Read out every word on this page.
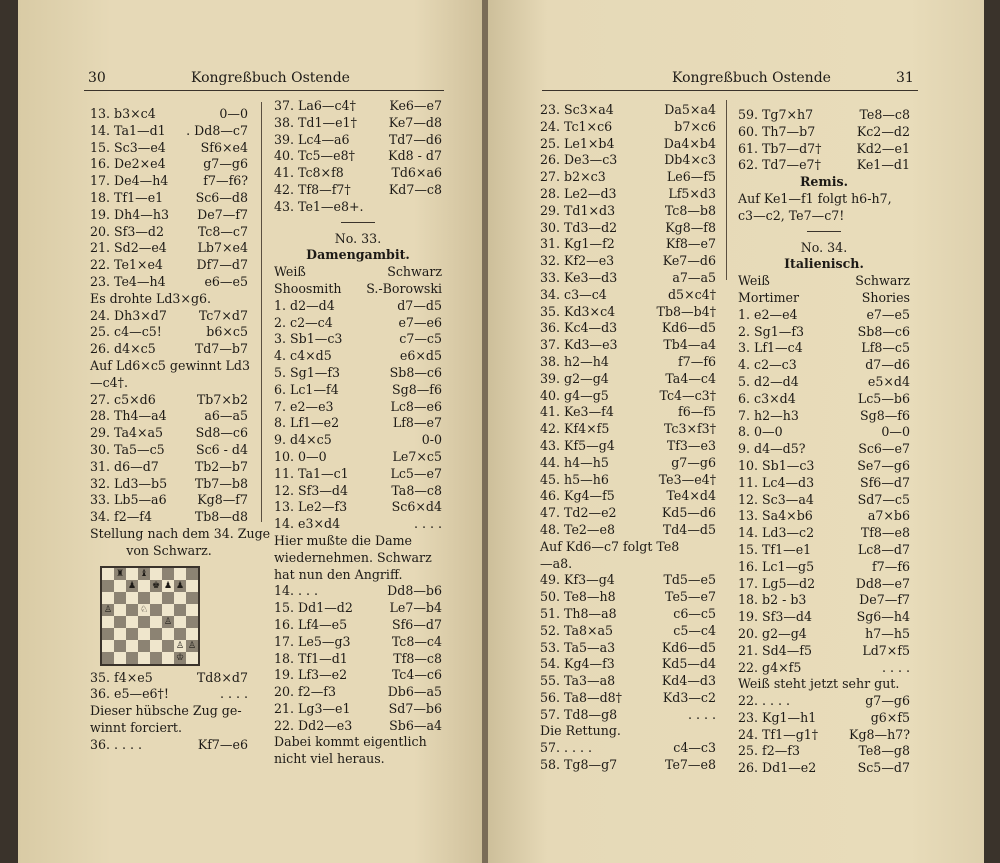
30	Kongreßbuch Ostende
13. b3×c4	0—0
14. Ta1—d1 . Dd8—c7
15. Sc3—e4	Sf6×e4
16. De2×e4	g7—g6
17. De4—h4	f7—f6?
18. Tf1—e1	Sc6—d8
19. Dh4—h3 De7—f7
20. Sf3—d2	Tc8—c7
21. Sd2—e4 Lb7×e4
22. Te1×e4	Df7—d7
23. Te4—h4	e6—e5
Es drohte Ld3×g6.
24. Dh3×d7	Tc7×d7
25. c4—c5!	b6×c5
26. d4×c5	Td7—b7
Auf Ld6×c5 gewinnt Ld3
—c4†.
27. c5×d6	Tb7×b2
28. Th4—a4	a6—a5
29. Ta4×a5	Sd8—c6
30. Ta5—c5 Sc6 - d4
31. d6—d7	Tb2—b7
32. Ld3—b5 Tb7—b8
33. Lb5—a6 Kg8—f7
34. f2—f4	Tb8—d8
Stellung nach dem 34. Zuge
von Schwarz.
♜ ♝
♟ ♚ ♟ ♟
♙	♘
♙
♙ ♙
♔
35. f4×e5	Td8×d7
36. e5—e6†!	. . . .
Dieser hübsche Zug ge-
winnt forciert.
36. . . . .	Kf7—e6
37. La6—c4†	Ke6—e7
38. Td1—e1†	Ke7—d8
39. Lc4—a6	Td7—d6
40. Tc5—e8†	Kd8 - d7
41. Tc8×f8	Td6×a6
42. Tf8—f7†	Kd7—c8
43. Te1—e8+.
No. 33.
Damengambit.
Weiß	Schwarz
Shoosmith S.-Borowski
1. d2—d4	d7—d5
2. c2—c4	e7—e6
3. Sb1—c3	c7—c5
4. c4×d5	e6×d5
5. Sg1—f3	Sb8—c6
6. Lc1—f4	Sg8—f6
7. e2—e3	Lc8—e6
8. Lf1—e2	Lf8—e7
9. d4×c5	0-0
10. 0—0	Le7×c5
11. Ta1—c1	Lc5—e7
12. Sf3—d4	Ta8—c8
13. Le2—f3	Sc6×d4
14. e3×d4	. . . .
Hier mußte die Dame
wiedernehmen. Schwarz
hat nun den Angriff.
14. . . .	Dd8—b6
15. Dd1—d2	Le7—b4
16. Lf4—e5	Sf6—d7
17. Le5—g3	Tc8—c4
18. Tf1—d1	Tf8—c8
19. Lf3—e2	Tc4—c6
20. f2—f3	Db6—a5
21. Lg3—e1	Sd7—b6
22. Dd2—e3	Sb6—a4
Dabei kommt eigentlich
nicht viel heraus.
Kongreßbuch Ostende	31
23. Sc3×a4	Da5×a4
24. Tc1×c6	b7×c6
25. Le1×b4	Da4×b4
26. De3—c3	Db4×c3
27. b2×c3	Le6—f5
28. Le2—d3	Lf5×d3
29. Td1×d3	Tc8—b8
30. Td3—d2	Kg8—f8
31. Kg1—f2	Kf8—e7
32. Kf2—e3	Ke7—d6
33. Ke3—d3	a7—a5
34. c3—c4	d5×c4†
35. Kd3×c4	Tb8—b4†
36. Kc4—d3	Kd6—d5
37. Kd3—e3	Tb4—a4
38. h2—h4	f7—f6
39. g2—g4	Ta4—c4
40. g4—g5	Tc4—c3†
41. Ke3—f4	f6—f5
42. Kf4×f5	Tc3×f3†
43. Kf5—g4	Tf3—e3
44. h4—h5	g7—g6
45. h5—h6	Te3—e4†
46. Kg4—f5	Te4×d4
47. Td2—e2	Kd5—d6
48. Te2—e8	Td4—d5
Auf Kd6—c7 folgt Te8
—a8.
49. Kf3—g4	Td5—e5
50. Te8—h8	Te5—e7
51. Th8—a8	c6—c5
52. Ta8×a5	c5—c4
53. Ta5—a3	Kd6—d5
54. Kg4—f3	Kd5—d4
55. Ta3—a8	Kd4—d3
56. Ta8—d8†	Kd3—c2
57. Td8—g8	. . . .
Die Rettung.
57. . . . .	c4—c3
58. Tg8—g7	Te7—e8
59. Tg7×h7	Te8—c8
60. Th7—b7	Kc2—d2
61. Tb7—d7†	Kd2—e1
62. Td7—e7†	Ke1—d1
Remis.
Auf Ke1—f1 folgt h6-h7,
c3—c2, Te7—c7!
No. 34.
Italienisch.
Weiß	Schwarz
Mortimer	Shories
1. e2—e4	e7—e5
2. Sg1—f3	Sb8—c6
3. Lf1—c4	Lf8—c5
4. c2—c3	d7—d6
5. d2—d4	e5×d4
6. c3×d4	Lc5—b6
7. h2—h3	Sg8—f6
8. 0—0	0—0
9. d4—d5?	Sc6—e7
10. Sb1—c3	Se7—g6
11. Lc4—d3	Sf6—d7
12. Sc3—a4	Sd7—c5
13. Sa4×b6	a7×b6
14. Ld3—c2	Tf8—e8
15. Tf1—e1	Lc8—d7
16. Lc1—g5	f7—f6
17. Lg5—d2	Dd8—e7
18. b2 - b3	De7—f7
19. Sf3—d4	Sg6—h4
20. g2—g4	h7—h5
21. Sd4—f5	Ld7×f5
22. g4×f5	. . . .
Weiß steht jetzt sehr gut.
22. . . . .	g7—g6
23. Kg1—h1	g6×f5
24. Tf1—g1† Kg8—h7?
25. f2—f3	Te8—g8
26. Dd1—e2	Sc5—d7
